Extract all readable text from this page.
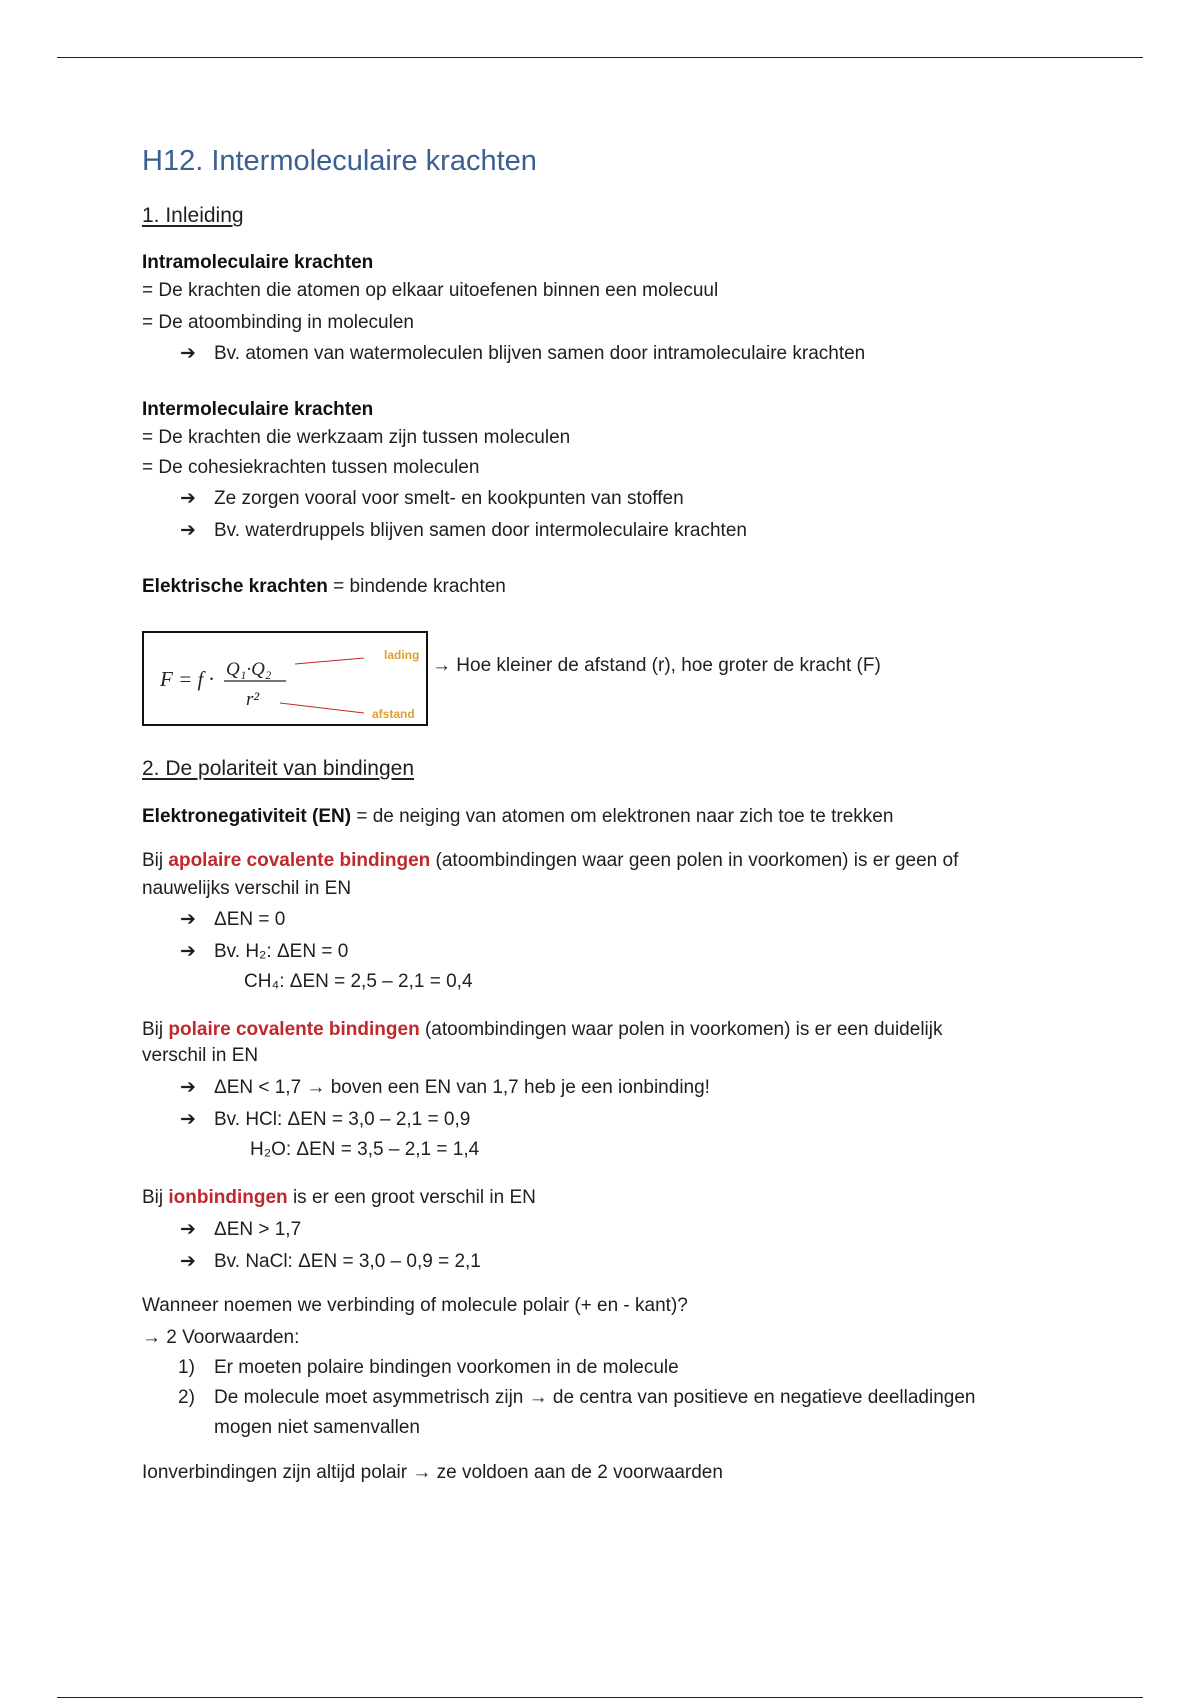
H12. Intermoleculaire krachten
1. Inleiding
Intramoleculaire krachten
= De krachten die atomen op elkaar uitoefenen binnen een molecuul
= De atoombinding in moleculen
➔ Bv. atomen van watermoleculen blijven samen door intramoleculaire krachten
Intermoleculaire krachten
= De krachten die werkzaam zijn tussen moleculen
= De cohesiekrachten tussen moleculen
➔ Ze zorgen vooral voor smelt- en kookpunten van stoffen
➔ Bv. waterdruppels blijven samen door intermoleculaire krachten
Elektrische krachten = bindende krachten
F = f · Q₁·Q₂
r²
lading
afstand
→ Hoe kleiner de afstand (r), hoe groter de kracht (F)
2. De polariteit van bindingen
Elektronegativiteit (EN) = de neiging van atomen om elektronen naar zich toe te trekken
Bij apolaire covalente bindingen (atoombindingen waar geen polen in voorkomen) is er geen of
nauwelijks verschil in EN
➔ ΔEN = 0
➔ Bv. H₂: ΔEN = 0
CH₄: ΔEN = 2,5 – 2,1 = 0,4
Bij polaire covalente bindingen (atoombindingen waar polen in voorkomen) is er een duidelijk
verschil in EN
➔ ΔEN < 1,7 → boven een EN van 1,7 heb je een ionbinding!
➔ Bv. HCl: ΔEN = 3,0 – 2,1 = 0,9
H₂O: ΔEN = 3,5 – 2,1 = 1,4
Bij ionbindingen is er een groot verschil in EN
➔ ΔEN > 1,7
➔ Bv. NaCl: ΔEN = 3,0 – 0,9 = 2,1
Wanneer noemen we verbinding of molecule polair (+ en - kant)?
→ 2 Voorwaarden:
1) Er moeten polaire bindingen voorkomen in de molecule
2) De molecule moet asymmetrisch zijn → de centra van positieve en negatieve deelladingen
mogen niet samenvallen
Ionverbindingen zijn altijd polair → ze voldoen aan de 2 voorwaarden
